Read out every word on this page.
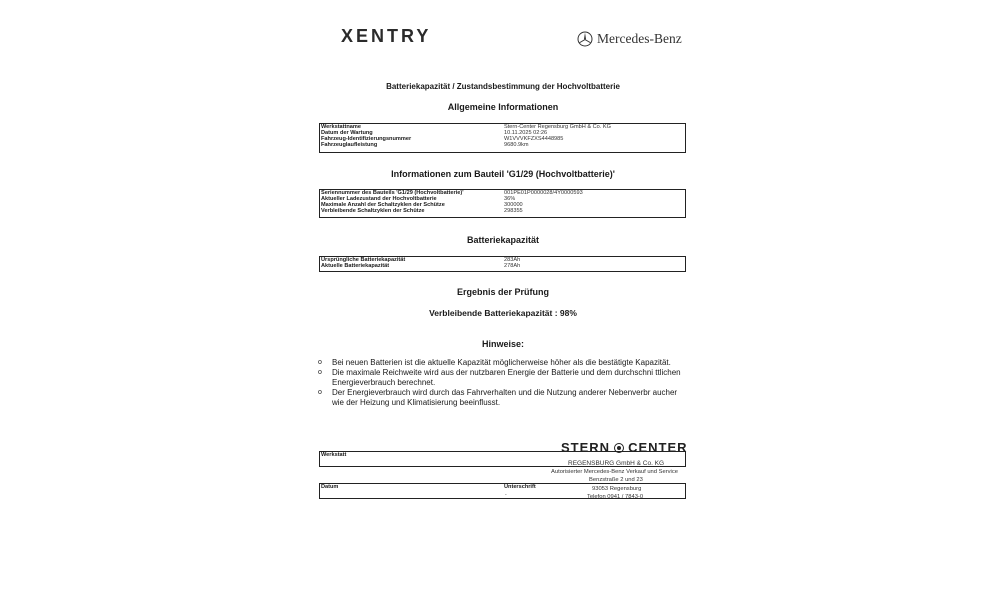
XENTRY	Mercedes-Benz
Batteriekapazität / Zustandsbestimmung der Hochvoltbatterie
Allgemeine Informationen
Werkstattname	Stern-Center Regensburg GmbH & Co. KG
Datum der Wartung	10.11.2025 02:26
Fahrzeug-Identifizierungsnummer	W1VVVKFZXS4448985
Fahrzeuglaufleistung	9680.9km
Informationen zum Bauteil 'G1/29 (Hochvoltbatterie)'
Seriennummer des Bauteils 'G1/29 (Hochvoltbatterie)'	001PE01P0000028/4Y0000593
Aktueller Ladezustand der Hochvoltbatterie	36%
Maximale Anzahl der Schaltzyklen der Schütze	300000
Verbleibende Schaltzyklen der Schütze	298355
Batteriekapazität
Ursprüngliche Batteriekapazität	283Ah
Aktuelle Batteriekapazität	278Ah
Ergebnis der Prüfung
Verbleibende Batteriekapazität : 98%
Hinweise:
o Bei neuen Batterien ist die aktuelle Kapazität möglicherweise höher als die bestätigte Kapazität.
o Die maximale Reichweite wird aus der nutzbaren Energie der Batterie und dem durchschni ttlichen Energieverbrauch berechnet.
o Der Energieverbrauch wird durch das Fahrverhalten und die Nutzung anderer Nebenverbr aucher wie der Heizung und Klimatisierung beeinflusst.
STERN CENTER
Werkstatt
REGENSBURG GmbH & Co. KG
Autorisierter Mercedes-Benz Verkauf und Service
Benzstraße 2 und 23
Datum	Unterschrift
-
93053 Regensburg
Telefon 0941 / 7843-0
